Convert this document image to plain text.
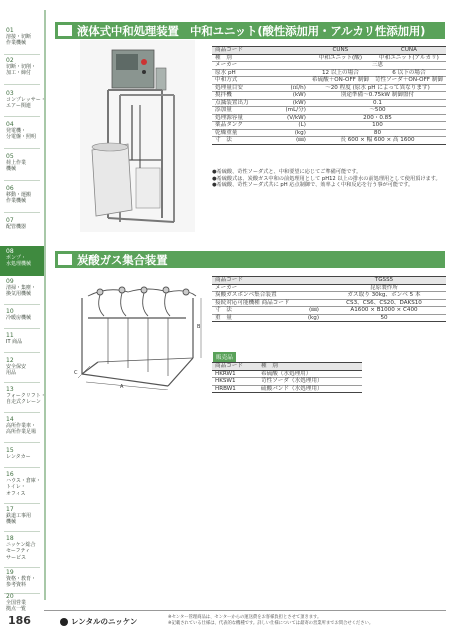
01
溶接・切断
作業機械
02
切断・切削・
加工・締付
03
コンプレッサー・
エアー関連
04
発電機・
分電盤・照明
05
荷上作業
機械
06
移動・運搬
作業機械
07
配管機器
08
ポンプ・
水処理機械
09
清掃・集塵・
換気用機械
10
冷暖房機械
11
IT 商品
12
安全保安
用品
13
フォークリフト・
自走式クレーン
14
高所作業車・
高所作業足場
15
レンタカー
16
ハウス・倉庫・
トイレ・
オフィス
17
鉄道工事用
機械
18
ニッケン総合
セーフティ
サービス
19
資格・教育・
参考資料
20
全国営業
拠点一覧
液体式中和処理装置　中和ユニット(酸性添加用・アルカリ性添加用)
商品コード		CUNS	CUNA
種　別		中和ユニット(酸)	中和ユニット(アルカリ)
メーカー		三恵	
原水 pH		12 以上の場合	6 以下の場合
中和方式		希硫酸＋ON-OFF 制御	苛性ソーダ＋ON-OFF 制御
処理量目安	(㎥/h)	～20 程度 (原水 pH によって異なります)	
撹拌機	(kW)	別途準備～0.75kW 制御盤付	
点滅装置出力	(kW)	0.1	
添加量	(mL/分)	～500	
処理源容量	(V/kW)	200・0.85	
薬品タンク	(L)	100	
乾燥重量	(kg)	80	
寸　法	(㎜)	長 600 × 幅 600 × 高 1600	
●希硫酸、苛性ソーダ式と、中和要望に応じてご準備可能です。
●希硫酸式は、炭酸ガス中和の前処理用として pH12 以上の排水の前処理用として使用頂けます。
●希硫酸、苛性ソーダ式共に pH 応点制御で、効率よく中和反応を行う事が可能です。
炭酸ガス集合装置
B
A
C
商品コード		TGSS5
メーカー		昆原製作所
炭酸ガスボンベ集合装置		ガス取り 30kg、ボンベ 5 本
接続対応可能機種 商品コード		CS3、CS6、CS20、DAKS10
寸　法	(㎜)	A1600 × B1000 × C400
重　量	(kg)	50
販売品
商品コード	種　別
HKRW1	希硫酸（水処理用）
HKSW1	苛性ソーダ（水処理用）
HRBW1	硫酸バンド（水処理用）
186	レンタルのニッケン	※センター管理商品は、センターからの運送費をお客様負担とさせて頂きます。
※記載されている仕様は、代表的な機種です。詳しい仕様については最寄の営業所までお問合せください。
